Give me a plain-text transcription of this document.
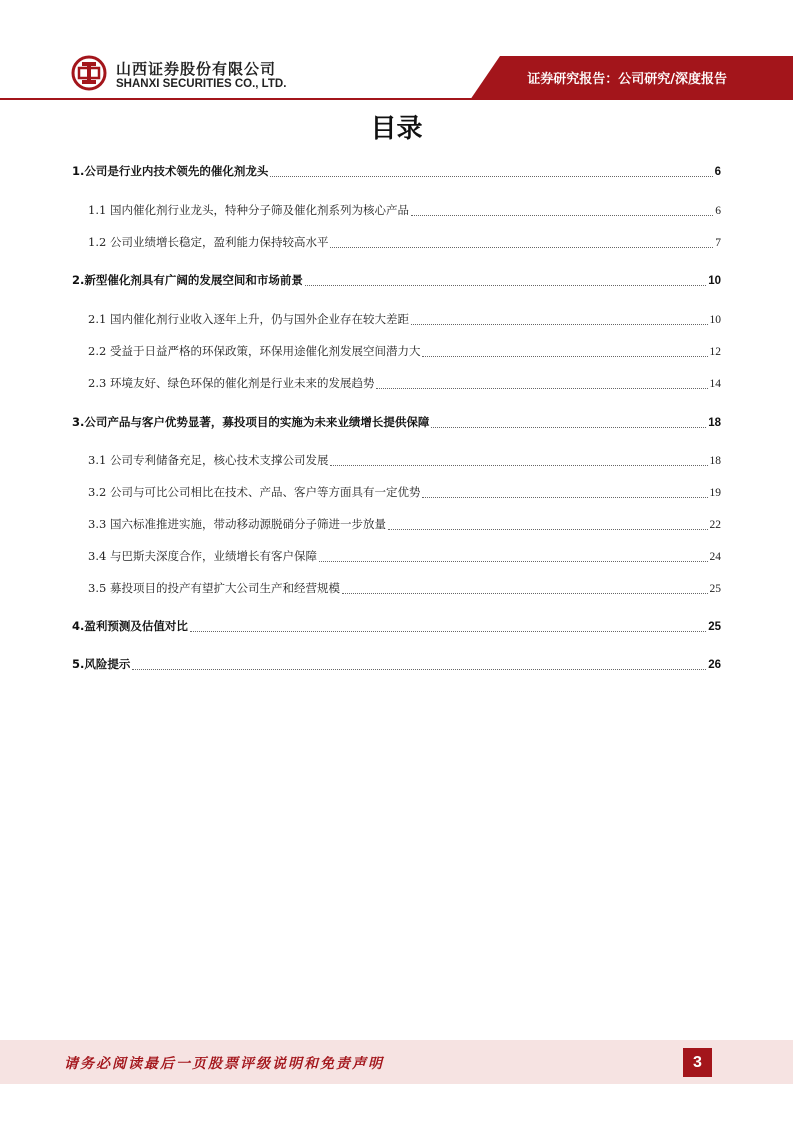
山西证券股份有限公司
SHANXI SECURITIES CO., LTD.	证券研究报告：公司研究/深度报告
目录
1.公司是行业内技术领先的催化剂龙头	6
1.1 国内催化剂行业龙头，特种分子筛及催化剂系列为核心产品	6
1.2 公司业绩增长稳定，盈利能力保持较高水平	7
2.新型催化剂具有广阔的发展空间和市场前景	10
2.1 国内催化剂行业收入逐年上升，仍与国外企业存在较大差距	10
2.2 受益于日益严格的环保政策，环保用途催化剂发展空间潜力大	12
2.3 环境友好、绿色环保的催化剂是行业未来的发展趋势	14
3.公司产品与客户优势显著，募投项目的实施为未来业绩增长提供保障	18
3.1 公司专利储备充足，核心技术支撑公司发展	18
3.2 公司与可比公司相比在技术、产品、客户等方面具有一定优势	19
3.3 国六标准推进实施，带动移动源脱硝分子筛进一步放量	22
3.4 与巴斯夫深度合作，业绩增长有客户保障	24
3.5 募投项目的投产有望扩大公司生产和经营规模	25
4.盈利预测及估值对比	25
5.风险提示	26
请务必阅读最后一页股票评级说明和免责声明	3
